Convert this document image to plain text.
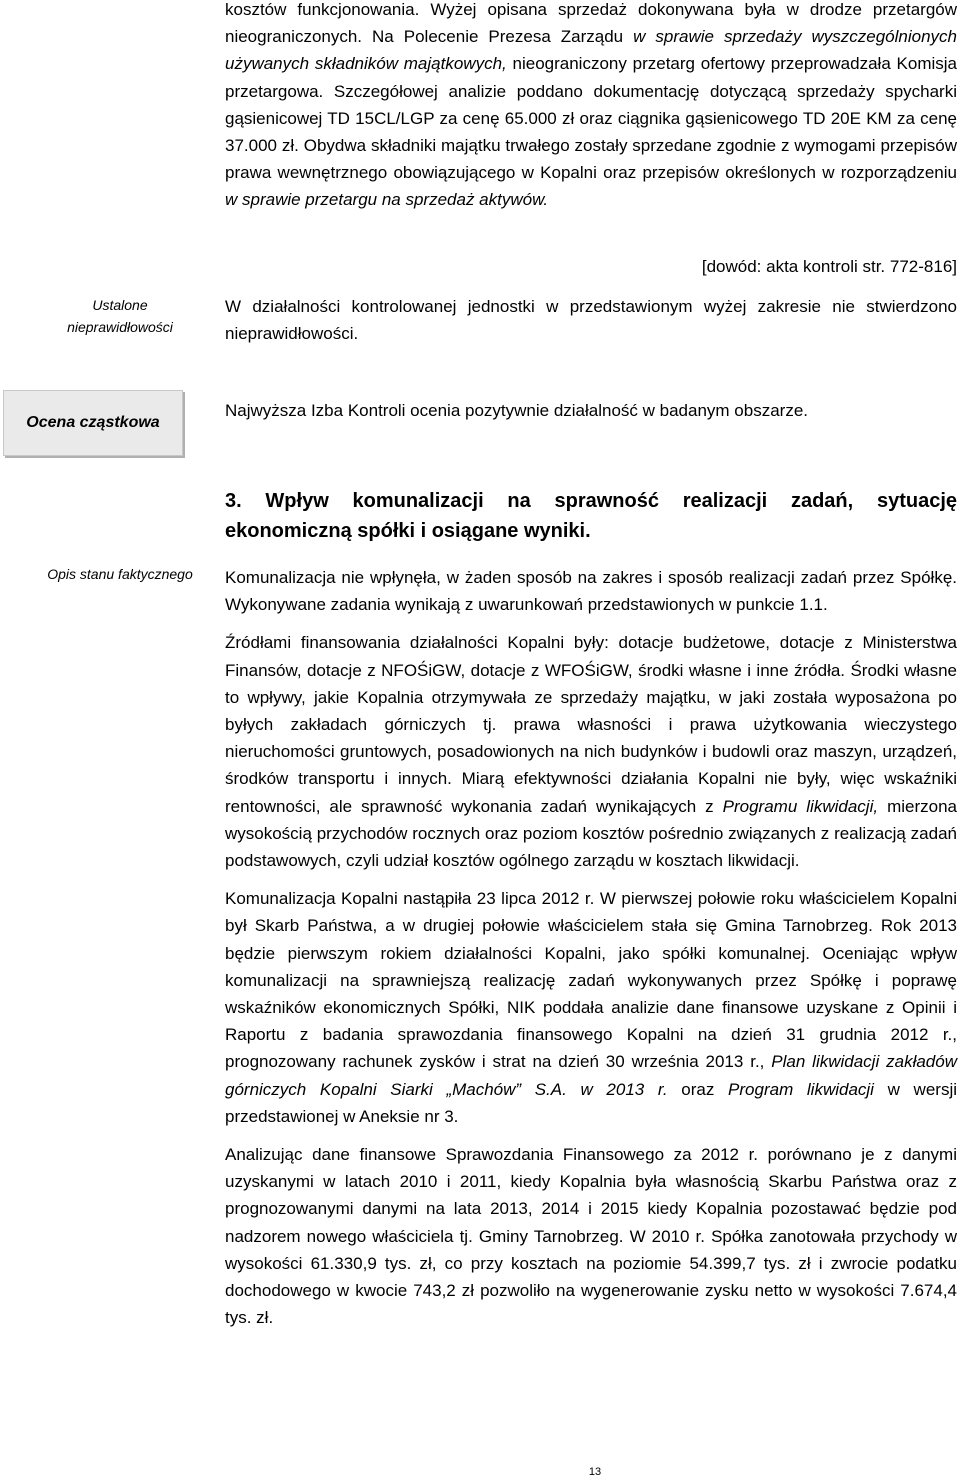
kosztów funkcjonowania. Wyżej opisana sprzedaż dokonywana była w drodze przetargów nieograniczonych. Na Polecenie Prezesa Zarządu w sprawie sprzedaży wyszczególnionych używanych składników majątkowych, nieograniczony przetarg ofertowy przeprowadzała Komisja przetargowa. Szczegółowej analizie poddano dokumentację dotyczącą sprzedaży spycharki gąsienicowej TD 15CL/LGP za cenę 65.000 zł oraz ciągnika gąsienicowego TD 20E KM za cenę 37.000 zł. Obydwa składniki majątku trwałego zostały sprzedane zgodnie z wymogami przepisów prawa wewnętrznego obowiązującego w Kopalni oraz przepisów określonych w rozporządzeniu w sprawie przetargu na sprzedaż aktywów.

[dowód: akta kontroli str. 772-816]
Ustalone nieprawidłowości

W działalności kontrolowanej jednostki w przedstawionym wyżej zakresie nie stwierdzono nieprawidłowości.

Ocena cząstkowa

Najwyższa Izba Kontroli ocenia pozytywnie działalność w badanym obszarze.

3. Wpływ komunalizacji na sprawność realizacji zadań, sytuację ekonomiczną spółki i osiągane wyniki.

Opis stanu faktycznego	Komunalizacja nie wpłynęła, w żaden sposób na zakres i sposób realizacji zadań przez Spółkę. Wykonywane zadania wynikają z uwarunkowań przedstawionych w punkcie 1.1.

Źródłami finansowania działalności Kopalni były: dotacje budżetowe, dotacje z Ministerstwa Finansów, dotacje z NFOŚiGW, dotacje z WFOŚiGW, środki własne i inne źródła. Środki własne to wpływy, jakie Kopalnia otrzymywała ze sprzedaży majątku, w jaki została wyposażona po byłych zakładach górniczych tj. prawa własności i prawa użytkowania wieczystego nieruchomości gruntowych, posadowionych na nich budynków i budowli oraz maszyn, urządzeń, środków transportu i innych. Miarą efektywności działania Kopalni nie były, więc wskaźniki rentowności, ale sprawność wykonania zadań wynikających z Programu likwidacji, mierzona wysokością przychodów rocznych oraz poziom kosztów pośrednio związanych z realizacją zadań podstawowych, czyli udział kosztów ogólnego zarządu w kosztach likwidacji.

Komunalizacja Kopalni nastąpiła 23 lipca 2012 r. W pierwszej połowie roku właścicielem Kopalni był Skarb Państwa, a w drugiej połowie właścicielem stała się Gmina Tarnobrzeg. Rok 2013 będzie pierwszym rokiem działalności Kopalni, jako spółki komunalnej. Oceniając wpływ komunalizacji na sprawniejszą realizację zadań wykonywanych przez Spółkę i poprawę wskaźników ekonomicznych Spółki, NIK poddała analizie dane finansowe uzyskane z Opinii i Raportu z badania sprawozdania finansowego Kopalni na dzień 31 grudnia 2012 r., prognozowany rachunek zysków i strat na dzień 30 września 2013 r., Plan likwidacji zakładów górniczych Kopalni Siarki „Machów” S.A. w 2013 r. oraz Program likwidacji w wersji przedstawionej w Aneksie nr 3.

Analizując dane finansowe Sprawozdania Finansowego za 2012 r. porównano je z danymi uzyskanymi w latach 2010 i 2011, kiedy Kopalnia była własnością Skarbu Państwa oraz z prognozowanymi danymi na lata 2013, 2014 i 2015 kiedy Kopalnia pozostawać będzie pod nadzorem nowego właściciela tj. Gminy Tarnobrzeg. W 2010 r. Spółka zanotowała przychody w wysokości 61.330,9 tys. zł, co przy kosztach na poziomie 54.399,7 tys. zł i zwrocie podatku dochodowego w kwocie 743,2 zł pozwoliło na wygenerowanie zysku netto w wysokości 7.674,4 tys. zł.

13
